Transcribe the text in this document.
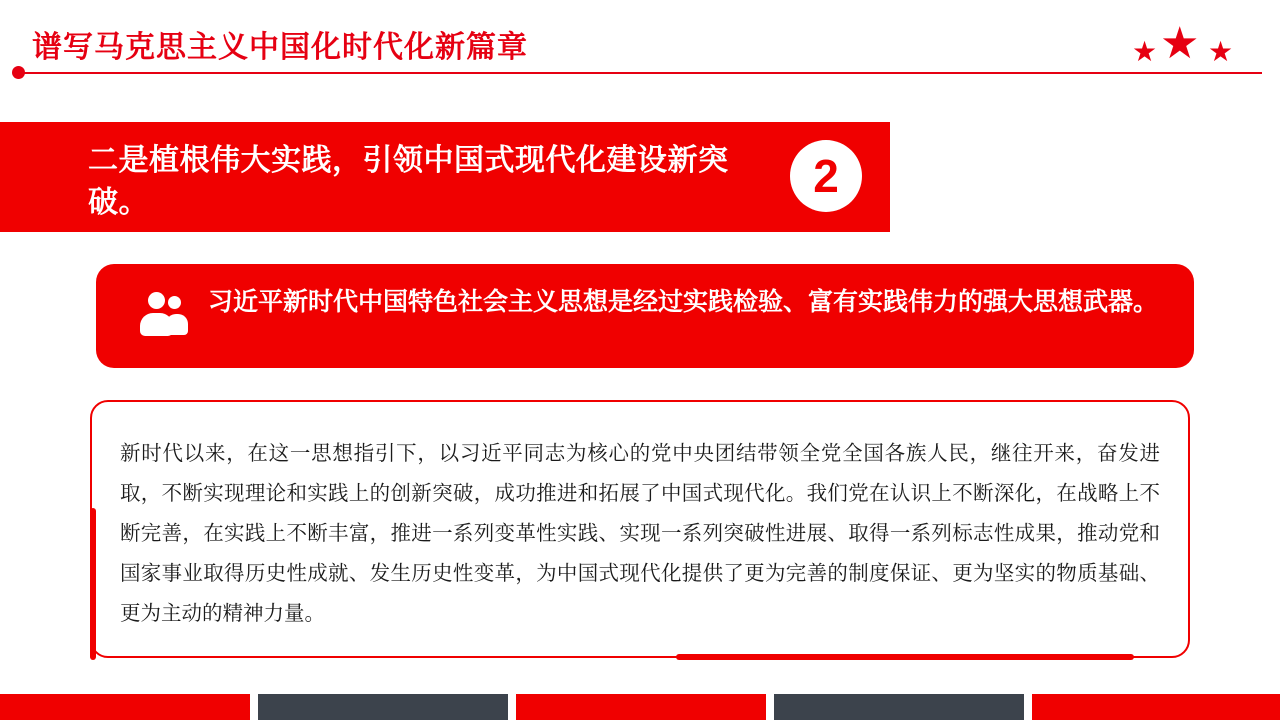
谱写马克思主义中国化时代化新篇章	★ ★ ★
二是植根伟大实践，引领中国式现代化建设新突破。
2
习近平新时代中国特色社会主义思想是经过实践检验、富有实践伟力的强大思想武器。
新时代以来，在这一思想指引下，以习近平同志为核心的党中央团结带领全党全国各族人民，继往开来，奋发进取，不断实现理论和实践上的创新突破，成功推进和拓展了中国式现代化。我们党在认识上不断深化，在战略上不断完善，在实践上不断丰富，推进一系列变革性实践、实现一系列突破性进展、取得一系列标志性成果，推动党和国家事业取得历史性成就、发生历史性变革，为中国式现代化提供了更为完善的制度保证、更为坚实的物质基础、更为主动的精神力量。
